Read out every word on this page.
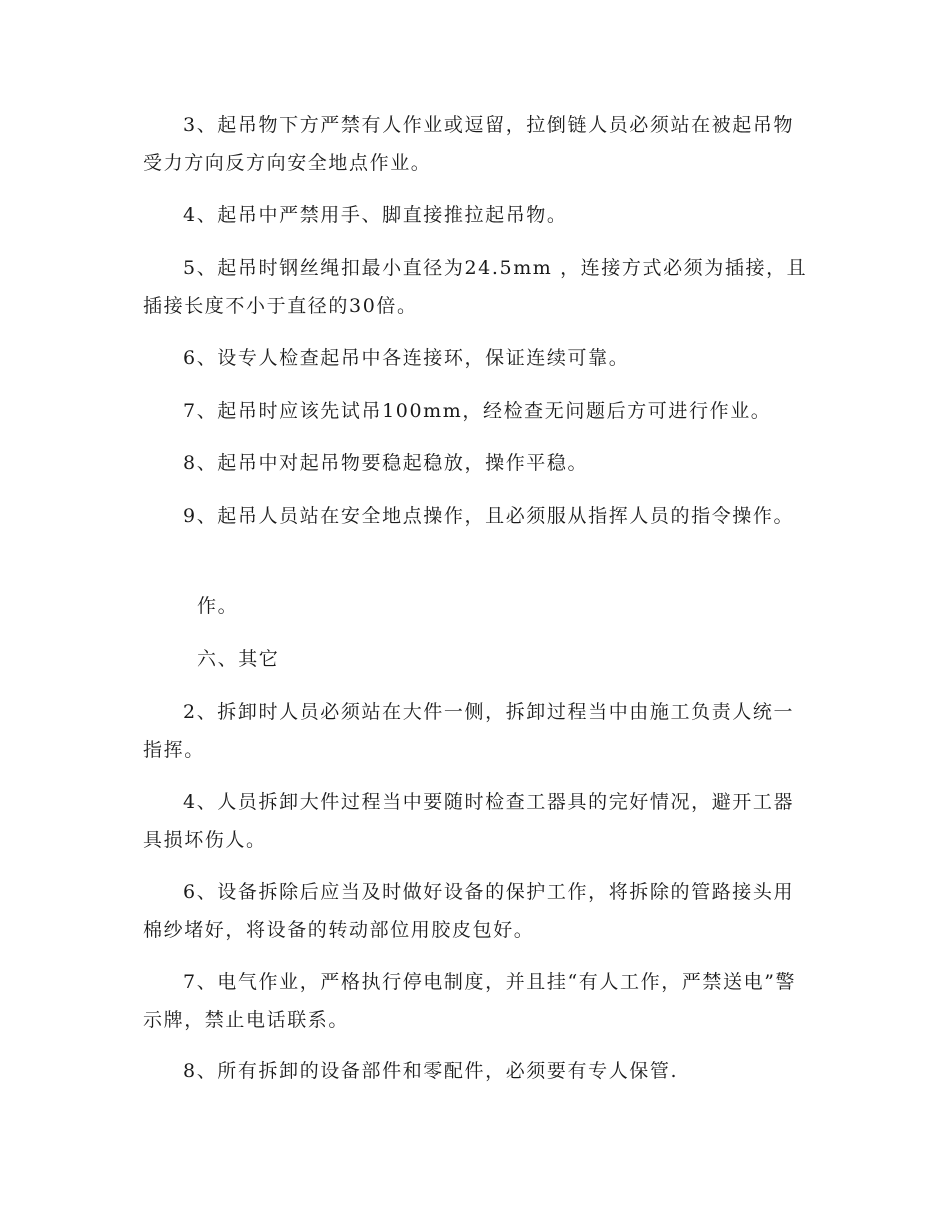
3、起吊物下方严禁有人作业或逗留，拉倒链人员必须站在被起吊物受力方向反方向安全地点作业。

4、起吊中严禁用手、脚直接推拉起吊物。

5、起吊时钢丝绳扣最小直径为24.5mm ，连接方式必须为插接，且插接长度不小于直径的30倍。

6、设专人检查起吊中各连接环，保证连续可靠。

7、起吊时应该先试吊100mm，经检查无问题后方可进行作业。

8、起吊中对起吊物要稳起稳放，操作平稳。

9、起吊人员站在安全地点操作，且必须服从指挥人员的指令操作。

作。

六、其它

2、拆卸时人员必须站在大件一侧，拆卸过程当中由施工负责人统一指挥。

4、人员拆卸大件过程当中要随时检查工器具的完好情况，避开工器具损坏伤人。

6、设备拆除后应当及时做好设备的保护工作，将拆除的管路接头用棉纱堵好，将设备的转动部位用胶皮包好。

7、电气作业，严格执行停电制度，并且挂“有人工作，严禁送电”警示牌，禁止电话联系。

8、所有拆卸的设备部件和零配件，必须要有专人保管.
